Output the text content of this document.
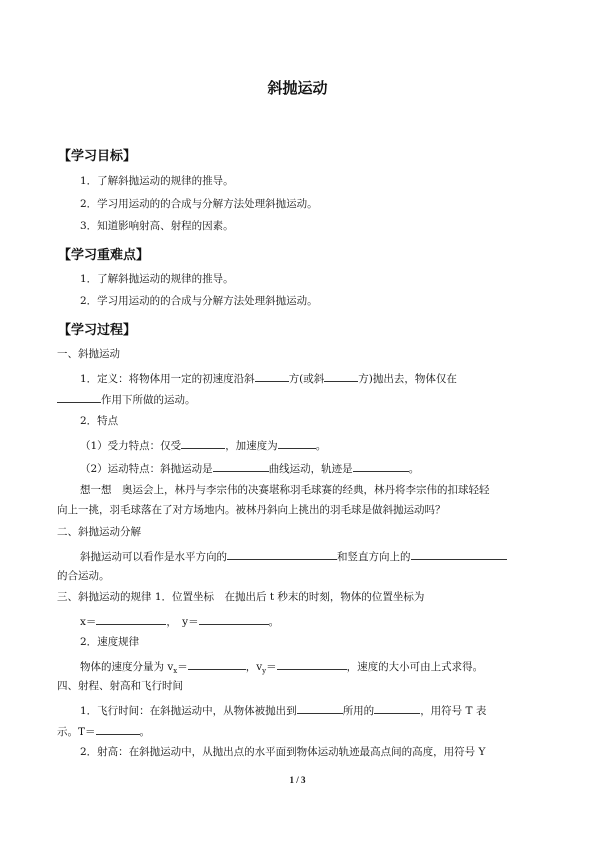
斜抛运动
【学习目标】
1．了解斜抛运动的规律的推导。
2．学习用运动的的合成与分解方法处理斜抛运动。
3．知道影响射高、射程的因素。
【学习重难点】
1．了解斜抛运动的规律的推导。
2．学习用运动的的合成与分解方法处理斜抛运动。
【学习过程】
一、斜抛运动
1．定义：将物体用一定的初速度沿斜	方(或斜	方)抛出去，物体仅在
作用下所做的运动。
2．特点
（1）受力特点：仅受	，加速度为	。
（2）运动特点：斜抛运动是	曲线运动，轨迹是	。
想一想　奥运会上，林丹与李宗伟的决赛堪称羽毛球赛的经典，林丹将李宗伟的扣球轻轻
向上一挑，羽毛球落在了对方场地内。被林丹斜向上挑出的羽毛球是做斜抛运动吗？
二、斜抛运动分解
斜抛运动可以看作是水平方向的	和竖直方向上的
的合运动。
三、斜抛运动的规律 1．位置坐标　在抛出后 t 秒末的时刻，物体的位置坐标为
x＝	，　y＝	。
2．速度规律
物体的速度分量为 $v_x=$	，$v_y=$	，速度的大小可由上式求得。
四、射程、射高和飞行时间
1．飞行时间：在斜抛运动中，从物体被抛出到	所用的	，用符号 T 表
示。T＝	。
2．射高：在斜抛运动中，从抛出点的水平面到物体运动轨迹最高点间的高度，用符号 Y
1 / 3
